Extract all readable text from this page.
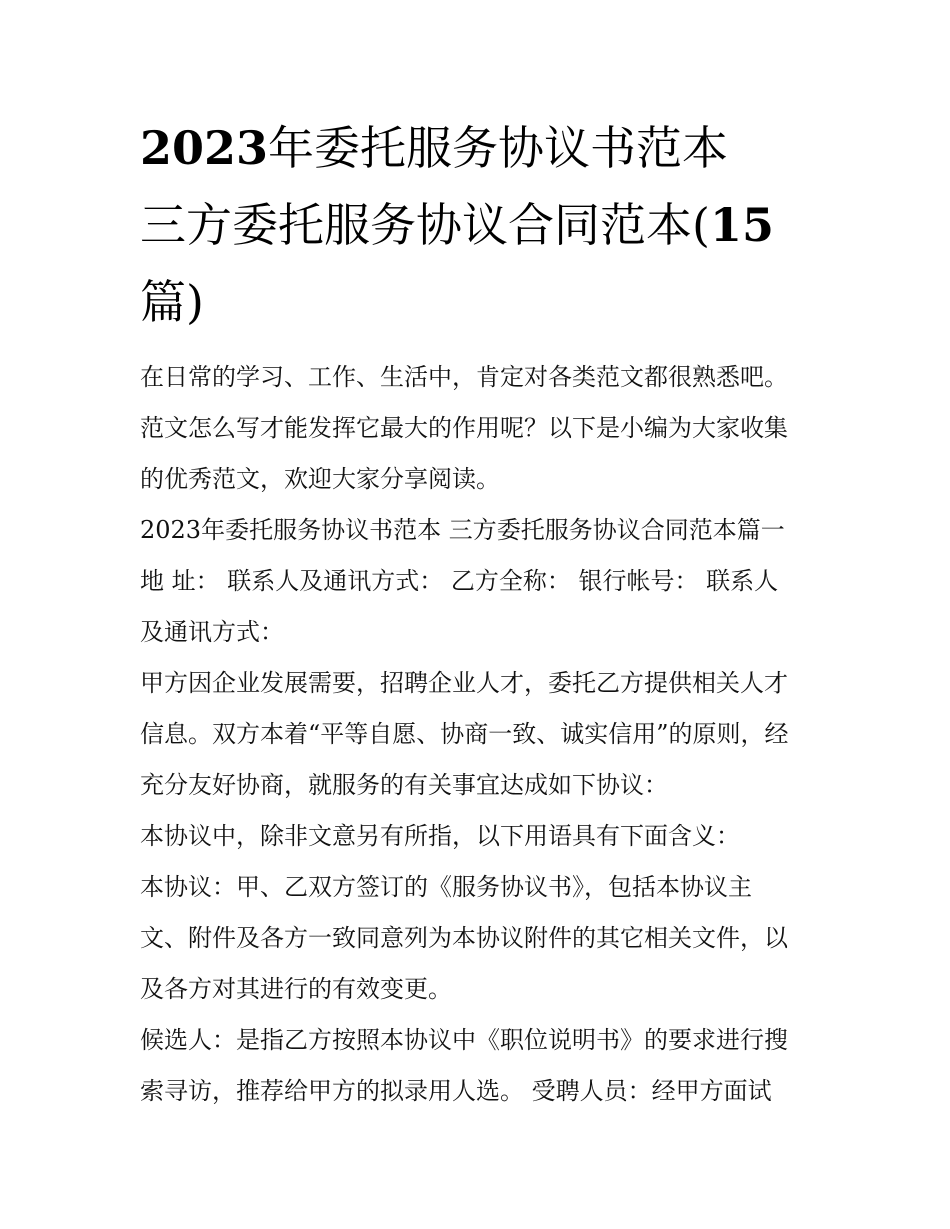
2023年委托服务协议书范本
三方委托服务协议合同范本(15
篇)
在日常的学习、工作、生活中，肯定对各类范文都很熟悉吧。
范文怎么写才能发挥它最大的作用呢？以下是小编为大家收集
的优秀范文，欢迎大家分享阅读。
2023年委托服务协议书范本 三方委托服务协议合同范本篇一
地 址： 联系人及通讯方式： 乙方全称： 银行帐号： 联系人
及通讯方式：
甲方因企业发展需要，招聘企业人才，委托乙方提供相关人才
信息。双方本着“平等自愿、协商一致、诚实信用”的原则，经
充分友好协商，就服务的有关事宜达成如下协议：
本协议中，除非文意另有所指，以下用语具有下面含义：
本协议：甲、乙双方签订的《服务协议书》，包括本协议主
文、附件及各方一致同意列为本协议附件的其它相关文件，以
及各方对其进行的有效变更。
候选人：是指乙方按照本协议中《职位说明书》的要求进行搜
索寻访，推荐给甲方的拟录用人选。 受聘人员：经甲方面试
